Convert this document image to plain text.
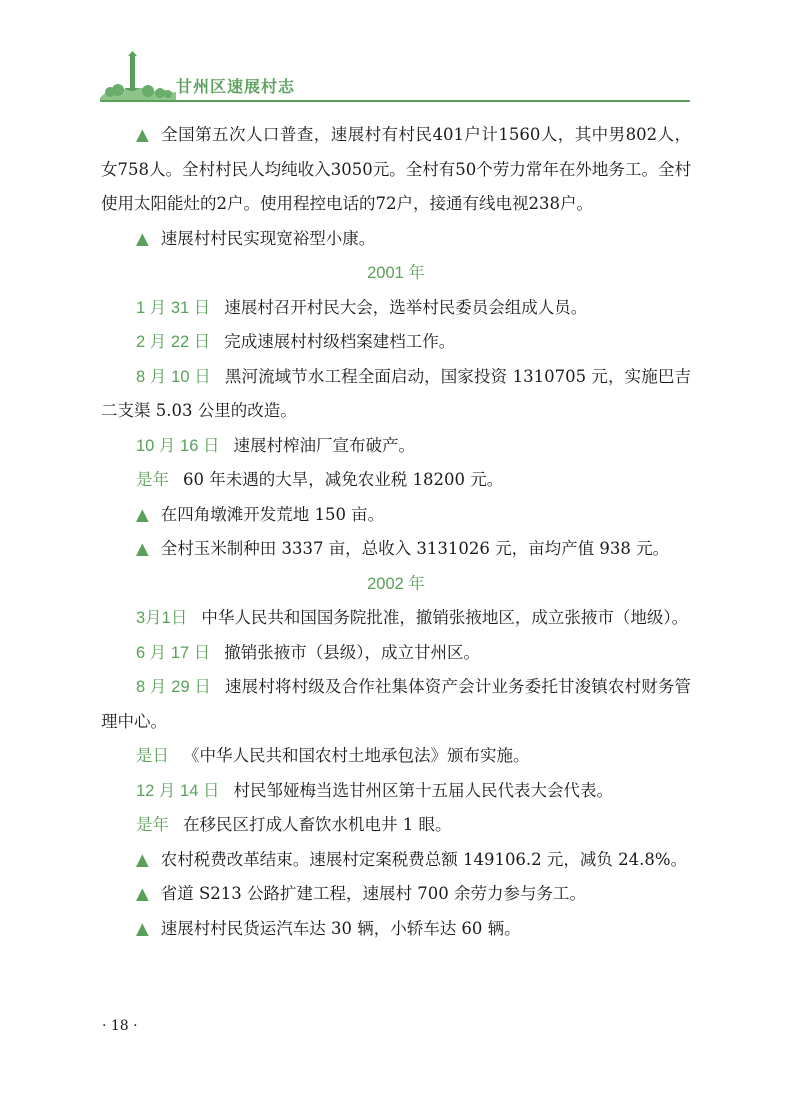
甘州区速展村志

▲ 全国第五次人口普查，速展村有村民401户计1560人，其中男802人，女758人。全村村民人均纯收入3050元。全村有50个劳力常年在外地务工。全村使用太阳能灶的2户。使用程控电话的72户，接通有线电视238户。

▲ 速展村村民实现宽裕型小康。

2001 年

1 月 31 日 速展村召开村民大会，选举村民委员会组成人员。

2 月 22 日 完成速展村村级档案建档工作。

8 月 10 日 黑河流域节水工程全面启动，国家投资 1310705 元，实施巴吉二支渠 5.03 公里的改造。

10 月 16 日 速展村榨油厂宣布破产。

是年 60 年未遇的大旱，减免农业税 18200 元。

▲ 在四角墩滩开发荒地 150 亩。

▲ 全村玉米制种田 3337 亩，总收入 3131026 元，亩均产值 938 元。

2002 年

3月1日 中华人民共和国国务院批准，撤销张掖地区，成立张掖市（地级）。

6 月 17 日 撤销张掖市（县级），成立甘州区。

8 月 29 日 速展村将村级及合作社集体资产会计业务委托甘浚镇农村财务管理中心。

是日 《中华人民共和国农村土地承包法》颁布实施。

12 月 14 日 村民邹娅梅当选甘州区第十五届人民代表大会代表。

是年 在移民区打成人畜饮水机电井 1 眼。

▲ 农村税费改革结束。速展村定案税费总额 149106.2 元，减负 24.8%。

▲ 省道 S213 公路扩建工程，速展村 700 余劳力参与务工。

▲ 速展村村民货运汽车达 30 辆，小轿车达 60 辆。

· 18 ·
